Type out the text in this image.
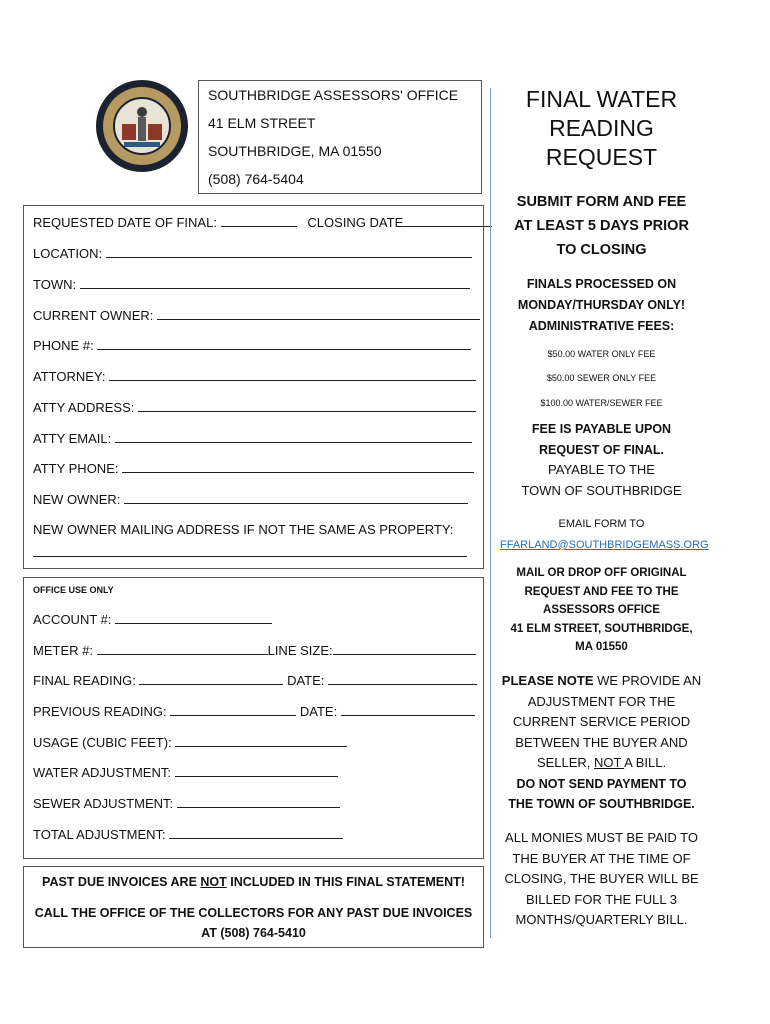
SOUTHBRIDGE ASSESSORS' OFFICE
41 ELM STREET
SOUTHBRIDGE, MA 01550
(508) 764-5404
REQUESTED DATE OF FINAL:	CLOSING DATE
LOCATION:
TOWN:
CURRENT OWNER:
PHONE #:
ATTORNEY:
ATTY ADDRESS:
ATTY EMAIL:
ATTY PHONE:
NEW OWNER:
NEW OWNER MAILING ADDRESS IF NOT THE SAME AS PROPERTY:
OFFICE USE ONLY
ACCOUNT #:
METER #:	LINE SIZE:
FINAL READING:	DATE:
PREVIOUS READING:	DATE:
USAGE (CUBIC FEET):
WATER ADJUSTMENT:
SEWER ADJUSTMENT:
TOTAL ADJUSTMENT:
PAST DUE INVOICES ARE NOT INCLUDED IN THIS FINAL STATEMENT!
CALL THE OFFICE OF THE COLLECTORS FOR ANY PAST DUE INVOICES
AT (508) 764-5410
FINAL WATER
READING
REQUEST
SUBMIT FORM AND FEE
AT LEAST 5 DAYS PRIOR
TO CLOSING
FINALS PROCESSED ON
MONDAY/THURSDAY ONLY!
ADMINISTRATIVE FEES:
$50.00 WATER ONLY FEE
$50.00 SEWER ONLY FEE
$100.00 WATER/SEWER FEE
FEE IS PAYABLE UPON
REQUEST OF FINAL.
PAYABLE TO THE
TOWN OF SOUTHBRIDGE
EMAIL FORM TO
FFARLAND@SOUTHBRIDGEMASS.ORG
MAIL OR DROP OFF ORIGINAL
REQUEST AND FEE TO THE
ASSESSORS OFFICE
41 ELM STREET, SOUTHBRIDGE,
MA 01550
PLEASE NOTE WE PROVIDE AN
ADJUSTMENT FOR THE
CURRENT SERVICE PERIOD
BETWEEN THE BUYER AND
SELLER, NOT A BILL.
DO NOT SEND PAYMENT TO
THE TOWN OF SOUTHBRIDGE.
ALL MONIES MUST BE PAID TO
THE BUYER AT THE TIME OF
CLOSING, THE BUYER WILL BE
BILLED FOR THE FULL 3
MONTHS/QUARTERLY BILL.
